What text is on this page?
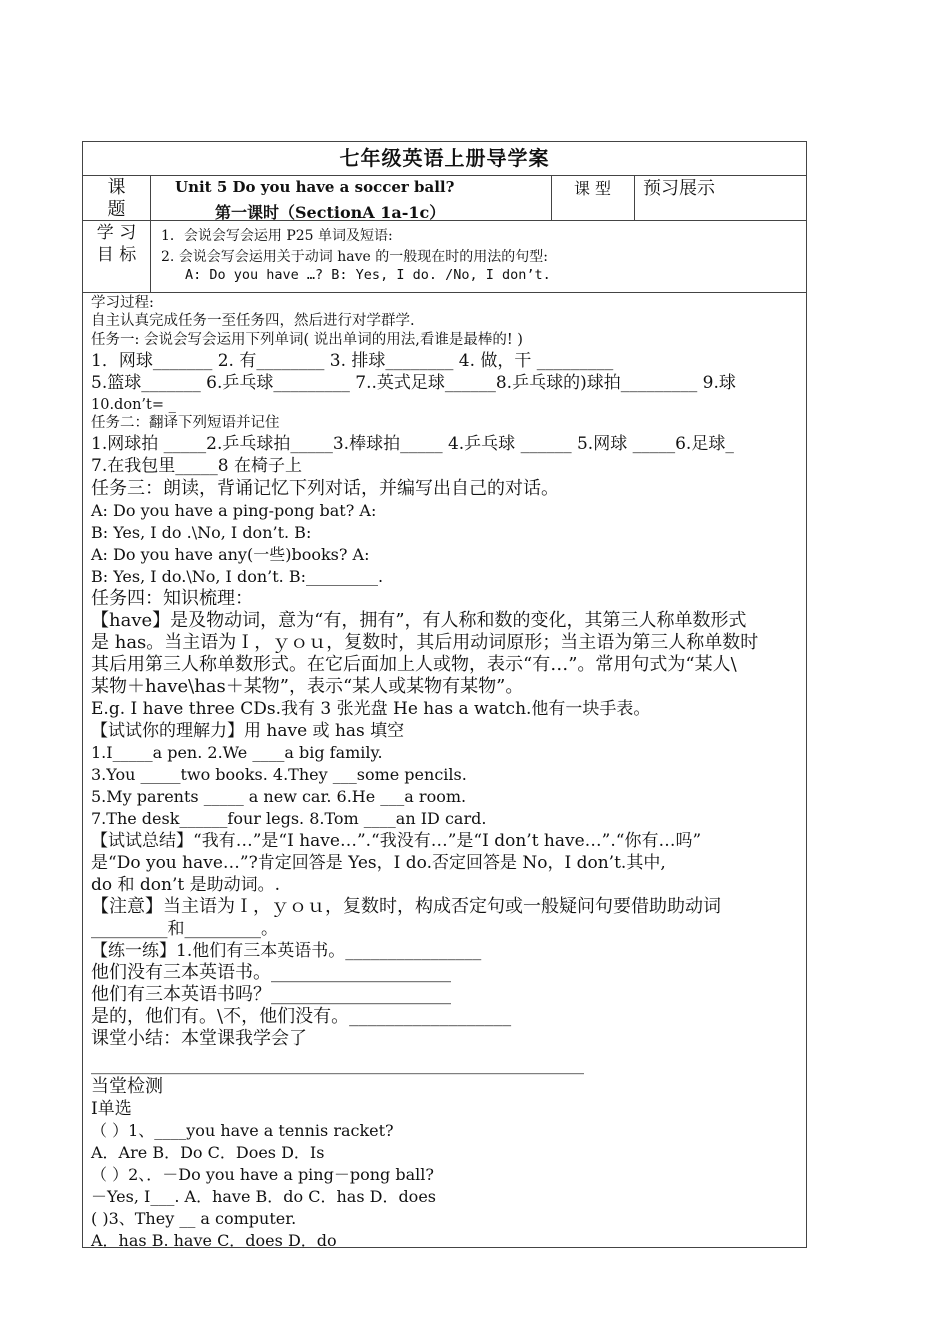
七年级英语上册导学案
课
题
Unit 5 Do you have a soccer ball?
第一课时（SectionA 1a-1c）
课 型	预习展示
学 习
目 标
1．会说会写会运用 P25 单词及短语:
2. 会说会写会运用关于动词 have 的一般现在时的用法的句型:
A: Do you have …? B: Yes, I do. /No, I don’t.
学习过程:
自主认真完成任务一至任务四，然后进行对学群学.
任务一: 会说会写会运用下列单词( 说出单词的用法,看谁是最棒的! )
1．网球_______ 2. 有________ 3. 排球________ 4. 做，干 _________
5.篮球_______ 6.乒乓球_________ 7..英式足球______8.乒乓球的)球拍_________ 9.球
10.don’t= _
任务二：翻译下列短语并记住
1.网球拍 _____2.乒乓球拍_____3.棒球拍_____ 4.乒乓球 ______ 5.网球 _____6.足球_
7.在我包里_____8 在椅子上
任务三：朗读，背诵记忆下列对话，并编写出自己的对话。
A: Do you have a ping-pong bat? A:
B: Yes, I do .\No, I don’t. B:
A: Do you have any(一些)books? A:
B: Yes, I do.\No, I don’t. B:_________.
任务四：知识梳理：
【have】是及物动词，意为“有，拥有”，有人称和数的变化，其第三人称单数形式
是 has。当主语为Ｉ，ｙｏｕ，复数时，其后用动词原形；当主语为第三人称单数时
其后用第三人称单数形式。在它后面加上人或物，表示“有…”。常用句式为“某人\
某物＋have\has＋某物”，表示“某人或某物有某物”。
E.g. I have three CDs.我有 3 张光盘 He has a watch.他有一块手表。
【试试你的理解力】用 have 或 has 填空
1.I_____a pen. 2.We ____a big family.
3.You _____two books. 4.They ___some pencils.
5.My parents _____ a new car. 6.He ___a room.
7.The desk______four legs. 8.Tom ____an ID card.
【试试总结】“我有…”是“I have…”.“我没有…”是“I don’t have…”.“你有…吗”
是“Do you have…”?肯定回答是 Yes，I do.否定回答是 No，I don’t.其中,
do 和 don’t 是助动词。.
【注意】当主语为Ｉ，ｙｏｕ，复数时，构成否定句或一般疑问句要借助助动词
_________和_________。
【练一练】1.他们有三本英语书。________________
他们没有三本英语书。____________________
他们有三本英语书吗？____________________
是的，他们有。\不，他们没有。__________________
课堂小结：本堂课我学会了
__________________________________________________________
当堂检测
I单选
（ ）1、____you have a tennis racket?
A．Are B．Do C．Does D．Is
（ ）2、．－Do you have a ping－pong ball?
－Yes, I___. A．have B．do C．has D．does
( )3、They __ a computer.
A．has B. have C．does D．do
